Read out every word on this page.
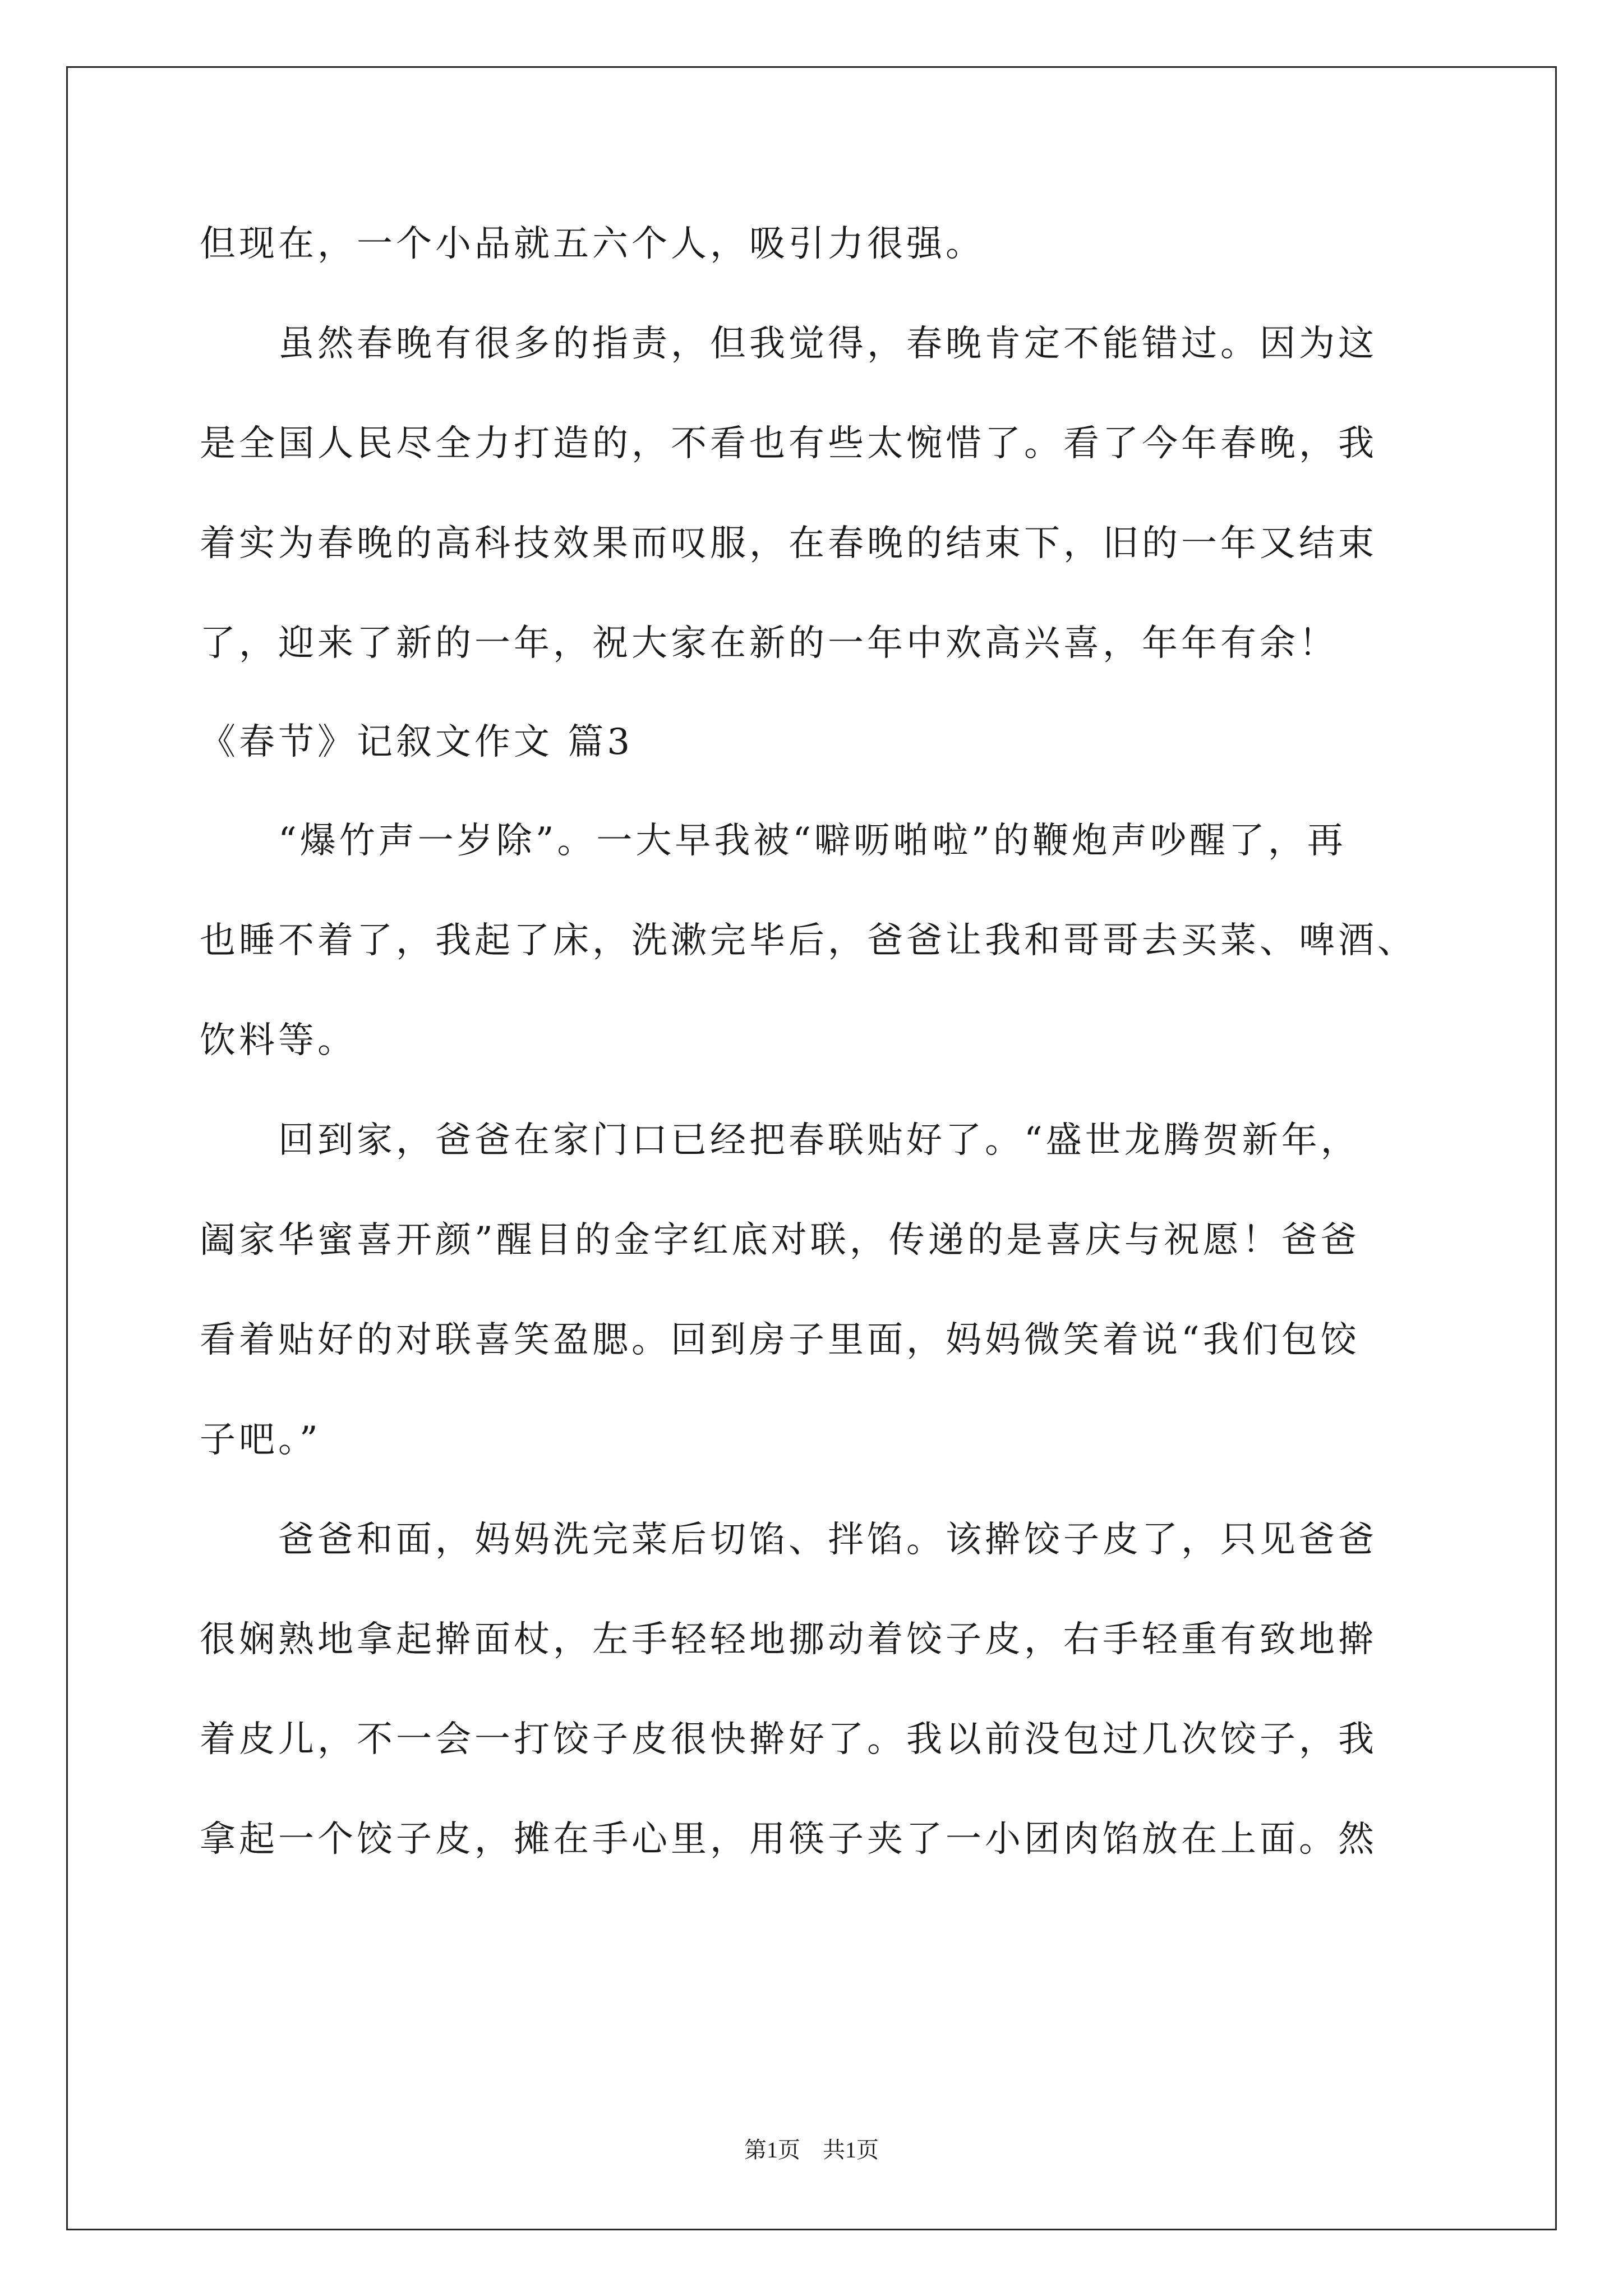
但现在，一个小品就五六个人，吸引力很强。
　　虽然春晚有很多的指责，但我觉得，春晚肯定不能错过。因为这
是全国人民尽全力打造的，不看也有些太惋惜了。看了今年春晚，我
着实为春晚的高科技效果而叹服，在春晚的结束下，旧的一年又结束
了，迎来了新的一年，祝大家在新的一年中欢高兴喜，年年有余！
《春节》记叙文作文 篇3
　　“爆竹声一岁除”。一大早我被“噼呖啪啦”的鞭炮声吵醒了，再
也睡不着了，我起了床，洗漱完毕后，爸爸让我和哥哥去买菜、啤酒、
饮料等。
　　回到家，爸爸在家门口已经把春联贴好了。“盛世龙腾贺新年，
阖家华蜜喜开颜”醒目的金字红底对联，传递的是喜庆与祝愿！爸爸
看着贴好的对联喜笑盈腮。回到房子里面，妈妈微笑着说“我们包饺
子吧。”
　　爸爸和面，妈妈洗完菜后切馅、拌馅。该擀饺子皮了，只见爸爸
很娴熟地拿起擀面杖，左手轻轻地挪动着饺子皮，右手轻重有致地擀
着皮儿，不一会一打饺子皮很快擀好了。我以前没包过几次饺子，我
拿起一个饺子皮，摊在手心里，用筷子夹了一小团肉馅放在上面。然
第1页　共1页
